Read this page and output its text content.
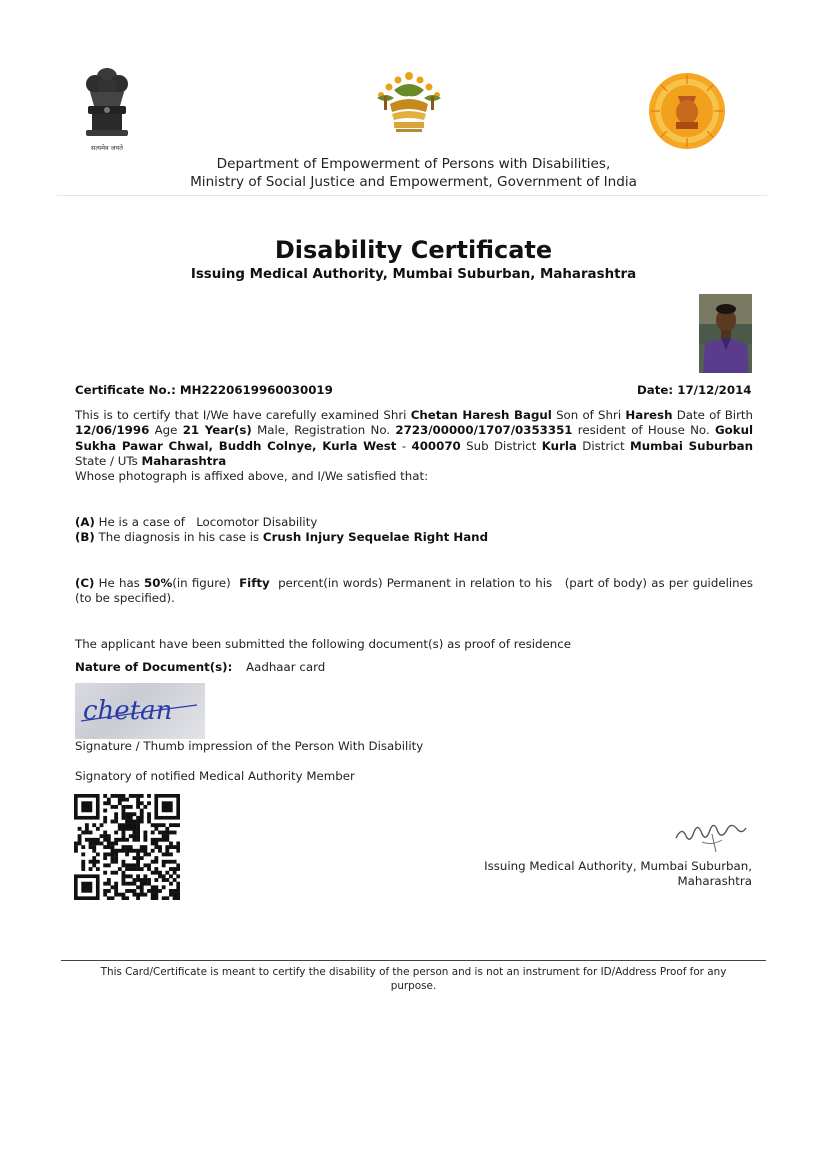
सत्यमेव जयते
Department of Empowerment of Persons with Disabilities,
Ministry of Social Justice and Empowerment, Government of India
Disability Certificate
Issuing Medical Authority, Mumbai Suburban, Maharashtra
Certificate No.: MH2220619960030019	Date: 17/12/2014
This is to certify that I/We have carefully examined Shri Chetan Haresh Bagul Son of Shri Haresh Date of Birth 12/06/1996 Age 21 Year(s) Male, Registration No. 2723/00000/1707/0353351 resident of House No. Gokul Sukha Pawar Chwal, Buddh Colnye, Kurla West - 400070 Sub District Kurla District Mumbai Suburban State / UTs Maharashtra
Whose photograph is affixed above, and I/We satisfied that:
(A) He is a case of   Locomotor Disability
(B) The diagnosis in his case is Crush Injury Sequelae Right Hand
(C) He has 50%(in figure) Fifty percent(in words) Permanent in relation to his   (part of body) as per guidelines (to be specified).
The applicant have been submitted the following document(s) as proof of residence
Nature of Document(s): Aadhaar card
chetan
Signature / Thumb impression of the Person With Disability
Signatory of notified Medical Authority Member
Issuing Medical Authority, Mumbai Suburban, Maharashtra
This Card/Certificate is meant to certify the disability of the person and is not an instrument for ID/Address Proof for any purpose.
